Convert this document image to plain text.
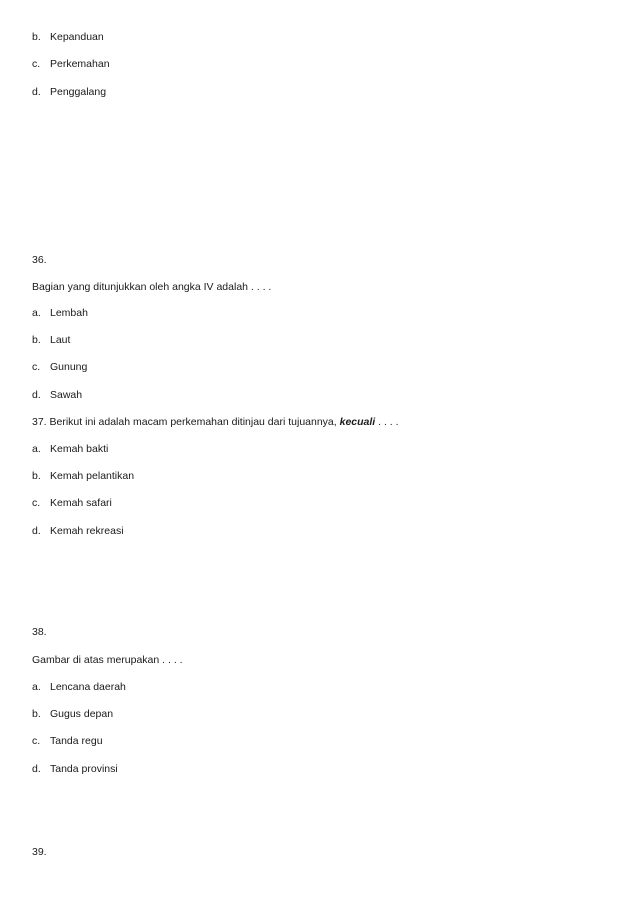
b. Kepanduan
c. Perkemahan
d. Penggalang
36.
Bagian yang ditunjukkan oleh angka IV adalah . . . .
a. Lembah
b. Laut
c. Gunung
d. Sawah
37. Berikut ini adalah macam perkemahan ditinjau dari tujuannya, kecuali . . . .
a. Kemah bakti
b. Kemah pelantikan
c. Kemah safari
d. Kemah rekreasi
38.
Gambar di atas merupakan . . . .
a. Lencana daerah
b. Gugus depan
c. Tanda regu
d. Tanda provinsi
39.
